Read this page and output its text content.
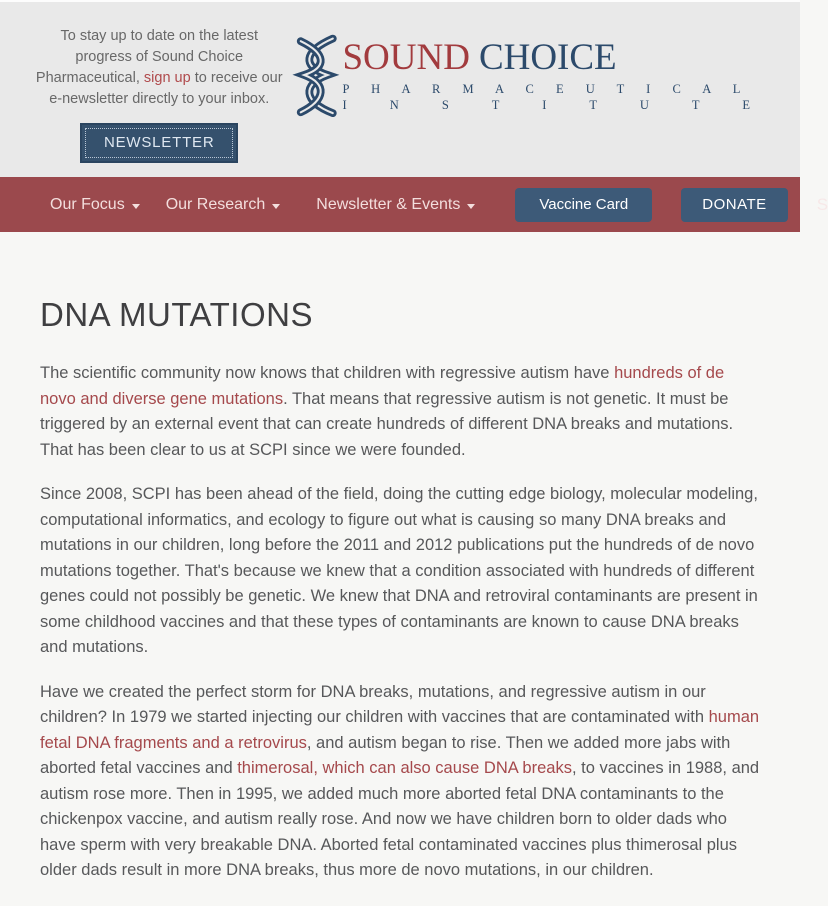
To stay up to date on the latest progress of Sound Choice Pharmaceutical, sign up to receive our e-newsletter directly to your inbox.

NEWSLETTER
SOUND CHOICE
P H A R M A C E U T I C A L
I N S T I T U T E
Our Focus	Our Research	Newsletter & Events	Vaccine Card	DONATE	S
DNA MUTATIONS

The scientific community now knows that children with regressive autism have hundreds of de novo and diverse gene mutations. That means that regressive autism is not genetic. It must be triggered by an external event that can create hundreds of different DNA breaks and mutations. That has been clear to us at SCPI since we were founded.

Since 2008, SCPI has been ahead of the field, doing the cutting edge biology, molecular modeling, computational informatics, and ecology to figure out what is causing so many DNA breaks and mutations in our children, long before the 2011 and 2012 publications put the hundreds of de novo mutations together. That's because we knew that a condition associated with hundreds of different genes could not possibly be genetic. We knew that DNA and retroviral contaminants are present in some childhood vaccines and that these types of contaminants are known to cause DNA breaks and mutations.

Have we created the perfect storm for DNA breaks, mutations, and regressive autism in our children? In 1979 we started injecting our children with vaccines that are contaminated with human fetal DNA fragments and a retrovirus, and autism began to rise. Then we added more jabs with aborted fetal vaccines and thimerosal, which can also cause DNA breaks, to vaccines in 1988, and autism rose more. Then in 1995, we added much more aborted fetal DNA contaminants to the chickenpox vaccine, and autism really rose. And now we have children born to older dads who have sperm with very breakable DNA. Aborted fetal contaminated vaccines plus thimerosal plus older dads result in more DNA breaks, thus more de novo mutations, in our children.
